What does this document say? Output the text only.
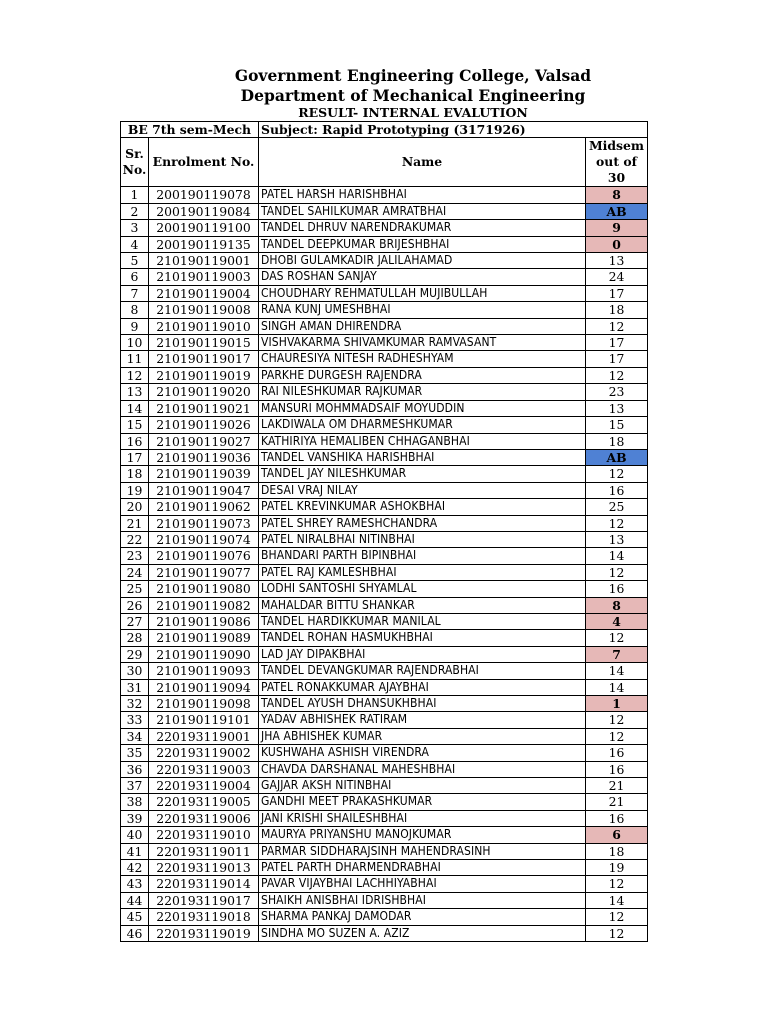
Government Engineering College, Valsad
Department of Mechanical Engineering
RESULT- INTERNAL EVALUTION
BE 7th sem-Mech		Subject: Rapid Prototyping (3171926)	
Sr. No.	Enrolment No.	Name	Midsem out of 30
1	200190119078	PATEL HARSH HARISHBHAI	8
2	200190119084	TANDEL SAHILKUMAR AMRATBHAI	AB
3	200190119100	TANDEL DHRUV NARENDRAKUMAR	9
4	200190119135	TANDEL DEEPKUMAR BRIJESHBHAI	0
5	210190119001	DHOBI GULAMKADIR JALILAHAMAD	13
6	210190119003	DAS ROSHAN SANJAY	24
7	210190119004	CHOUDHARY REHMATULLAH MUJIBULLAH	17
8	210190119008	RANA KUNJ UMESHBHAI	18
9	210190119010	SINGH AMAN DHIRENDRA	12
10	210190119015	VISHVAKARMA SHIVAMKUMAR RAMVASANT	17
11	210190119017	CHAURESIYA NITESH RADHESHYAM	17
12	210190119019	PARKHE DURGESH RAJENDRA	12
13	210190119020	RAI NILESHKUMAR RAJKUMAR	23
14	210190119021	MANSURI MOHMMADSAIF MOYUDDIN	13
15	210190119026	LAKDIWALA OM DHARMESHKUMAR	15
16	210190119027	KATHIRIYA HEMALIBEN CHHAGANBHAI	18
17	210190119036	TANDEL VANSHIKA HARISHBHAI	AB
18	210190119039	TANDEL JAY NILESHKUMAR	12
19	210190119047	DESAI VRAJ NILAY	16
20	210190119062	PATEL KREVINKUMAR ASHOKBHAI	25
21	210190119073	PATEL SHREY RAMESHCHANDRA	12
22	210190119074	PATEL NIRALBHAI NITINBHAI	13
23	210190119076	BHANDARI PARTH BIPINBHAI	14
24	210190119077	PATEL RAJ KAMLESHBHAI	12
25	210190119080	LODHI SANTOSHI SHYAMLAL	16
26	210190119082	MAHALDAR BITTU SHANKAR	8
27	210190119086	TANDEL HARDIKKUMAR MANILAL	4
28	210190119089	TANDEL ROHAN HASMUKHBHAI	12
29	210190119090	LAD JAY DIPAKBHAI	7
30	210190119093	TANDEL DEVANGKUMAR RAJENDRABHAI	14
31	210190119094	PATEL RONAKKUMAR AJAYBHAI	14
32	210190119098	TANDEL AYUSH DHANSUKHBHAI	1
33	210190119101	YADAV ABHISHEK RATIRAM	12
34	220193119001	JHA ABHISHEK KUMAR	12
35	220193119002	KUSHWAHA ASHISH VIRENDRA	16
36	220193119003	CHAVDA DARSHANAL MAHESHBHAI	16
37	220193119004	GAJJAR AKSH NITINBHAI	21
38	220193119005	GANDHI MEET PRAKASHKUMAR	21
39	220193119006	JANI KRISHI SHAILESHBHAI	16
40	220193119010	MAURYA PRIYANSHU MANOJKUMAR	6
41	220193119011	PARMAR SIDDHARAJSINH MAHENDRASINH	18
42	220193119013	PATEL PARTH DHARMENDRABHAI	19
43	220193119014	PAVAR VIJAYBHAI LACHHIYABHAI	12
44	220193119017	SHAIKH ANISBHAI IDRISHBHAI	14
45	220193119018	SHARMA PANKAJ DAMODAR	12
46	220193119019	SINDHA MO SUZEN A. AZIZ	12
